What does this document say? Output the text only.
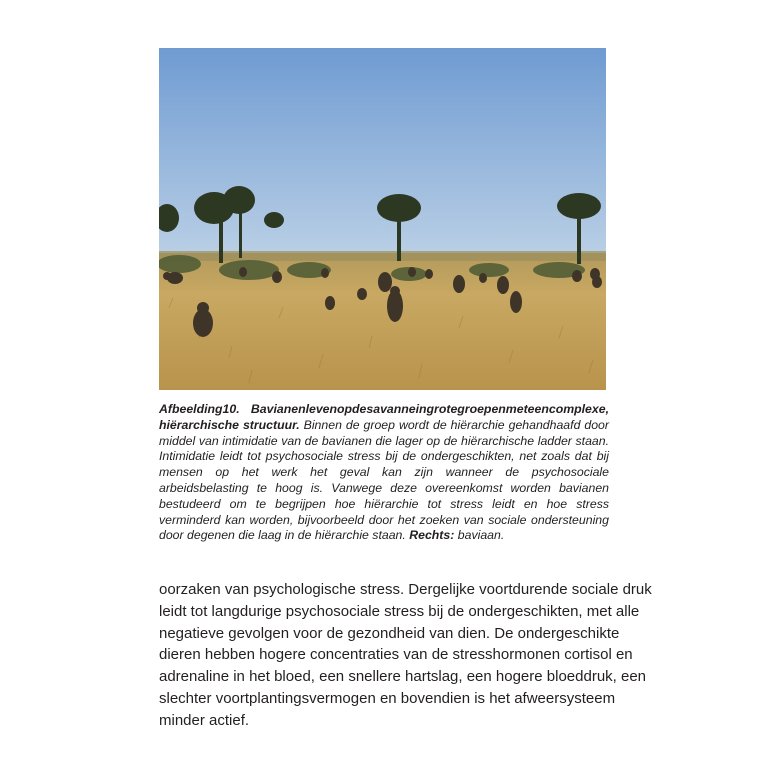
Afbeelding10. Bavianenlevenopdesavanneingrotegroepenmeteencomplexe, hiërarchische structuur. Binnen de groep wordt de hiërarchie gehandhaafd door middel van intimidatie van de bavianen die lager op de hiërarchische ladder staan. Intimidatie leidt tot psychosociale stress bij de ondergeschikten, net zoals dat bij mensen op het werk het geval kan zijn wanneer de psychosociale arbeidsbelasting te hoog is. Vanwege deze overeenkomst worden bavianen bestudeerd om te begrijpen hoe hiërarchie tot stress leidt en hoe stress verminderd kan worden, bijvoorbeeld door het zoeken van sociale ondersteuning door degenen die laag in de hiërarchie staan. Rechts: baviaan.
oorzaken van psychologische stress. Dergelijke voortdurende sociale druk
leidt tot langdurige psychosociale stress bij de ondergeschikten, met alle
negatieve gevolgen voor de gezondheid van dien. De ondergeschikte
dieren hebben hogere concentraties van de stresshormonen cortisol en
adrenaline in het bloed, een snellere hartslag, een hogere bloeddruk, een
slechter voortplantingsvermogen en bovendien is het afweersysteem
minder actief.
